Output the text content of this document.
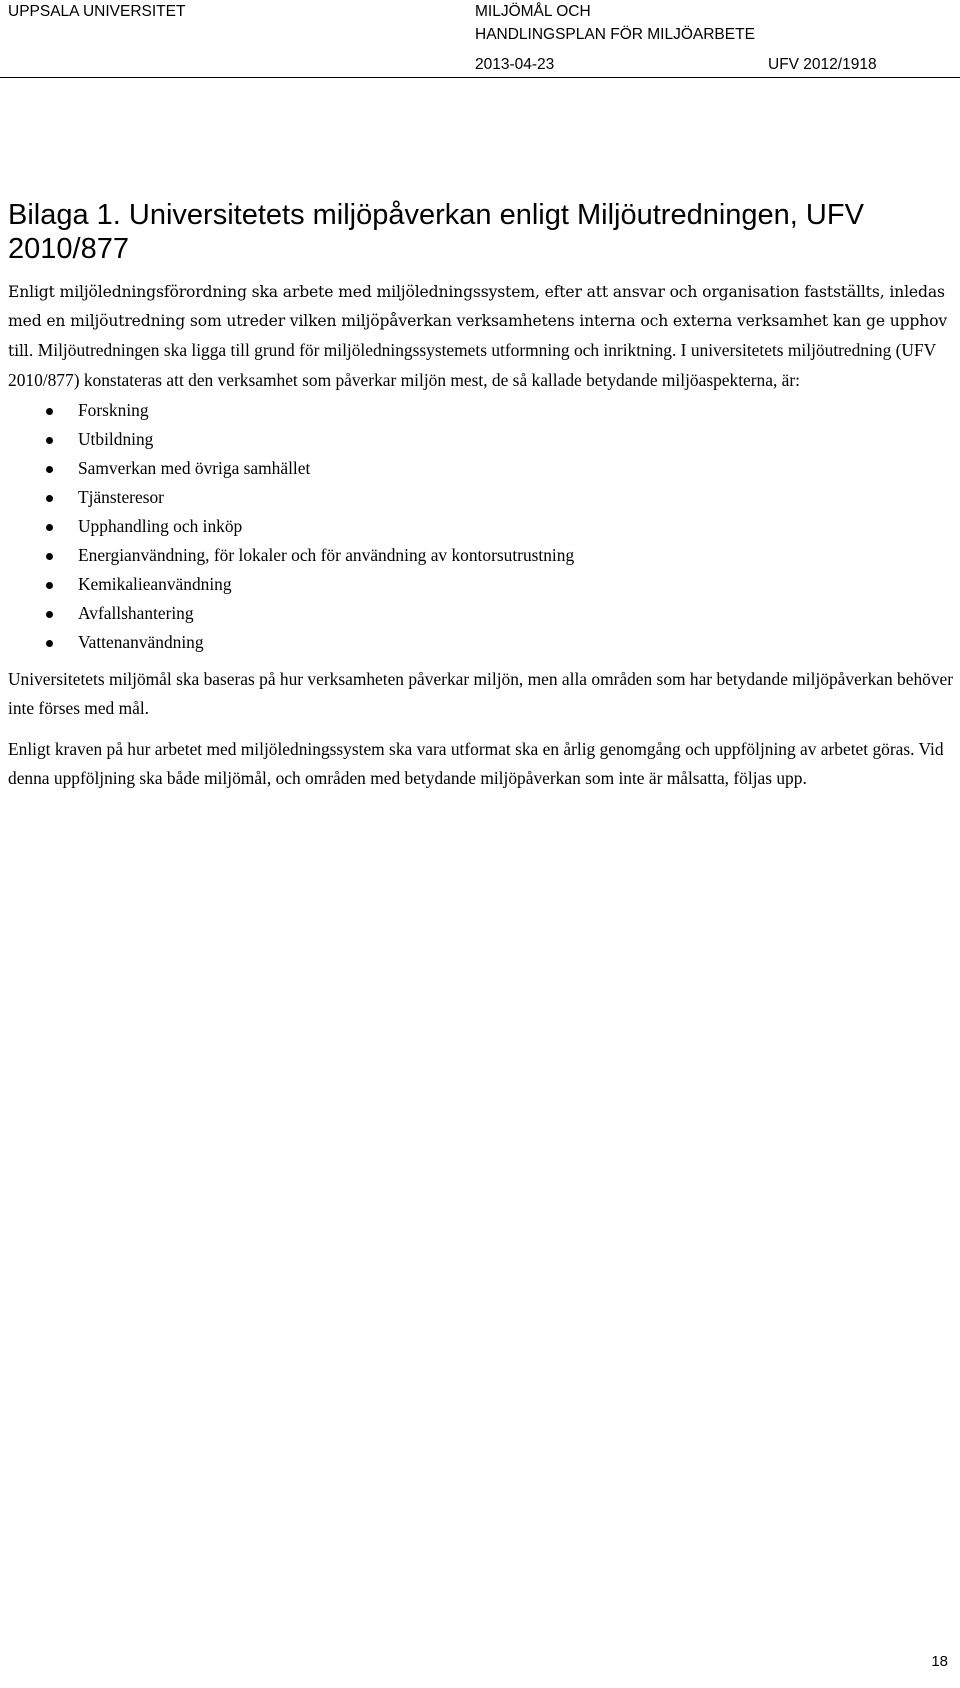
UPPSALA UNIVERSITET	MILJÖMÅL OCH
HANDLINGSPLAN FÖR MILJÖARBETE
2013-04-23	UFV 2012/1918
Bilaga 1. Universitetets miljöpåverkan enligt Miljöutredningen, UFV 2010/877

Enligt miljöledningsförordning ska arbete med miljöledningssystem, efter att ansvar och organisation fastställts, inledas med en miljöutredning som utreder vilken miljöpåverkan verksamhetens interna och externa verksamhet kan ge upphov till. Miljöutredningen ska ligga till grund för miljöledningssystemets utformning och inriktning. I universitetets miljöutredning (UFV 2010/877) konstateras att den verksamhet som påverkar miljön mest, de så kallade betydande miljöaspekterna, är:

Forskning
Utbildning
Samverkan med övriga samhället
Tjänsteresor
Upphandling och inköp
Energianvändning, för lokaler och för användning av kontorsutrustning
Kemikalieanvändning
Avfallshantering
Vattenanvändning

Universitetets miljömål ska baseras på hur verksamheten påverkar miljön, men alla områden som har betydande miljöpåverkan behöver inte förses med mål.

Enligt kraven på hur arbetet med miljöledningssystem ska vara utformat ska en årlig genomgång och uppföljning av arbetet göras. Vid denna uppföljning ska både miljömål, och områden med betydande miljöpåverkan som inte är målsatta, följas upp.

18
